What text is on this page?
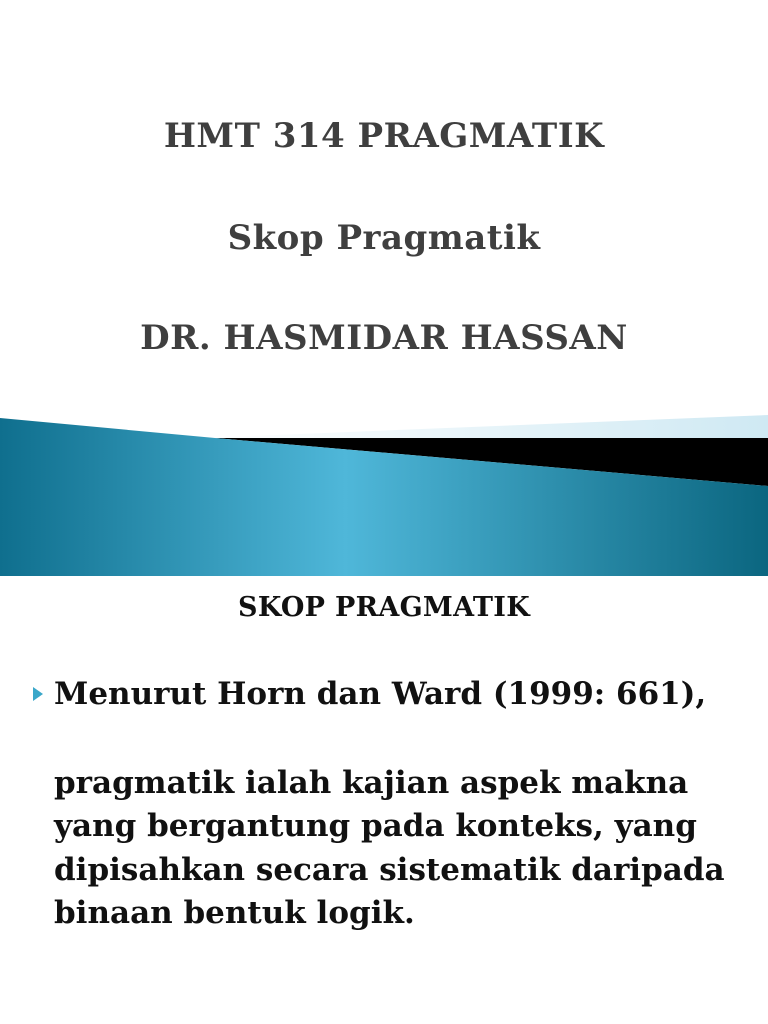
HMT 314 PRAGMATIK
Skop Pragmatik
DR. HASMIDAR HASSAN
SKOP PRAGMATIK
Menurut Horn dan Ward (1999: 661),
pragmatik ialah kajian aspek makna
yang bergantung pada konteks, yang
dipisahkan secara sistematik daripada
binaan bentuk logik.
